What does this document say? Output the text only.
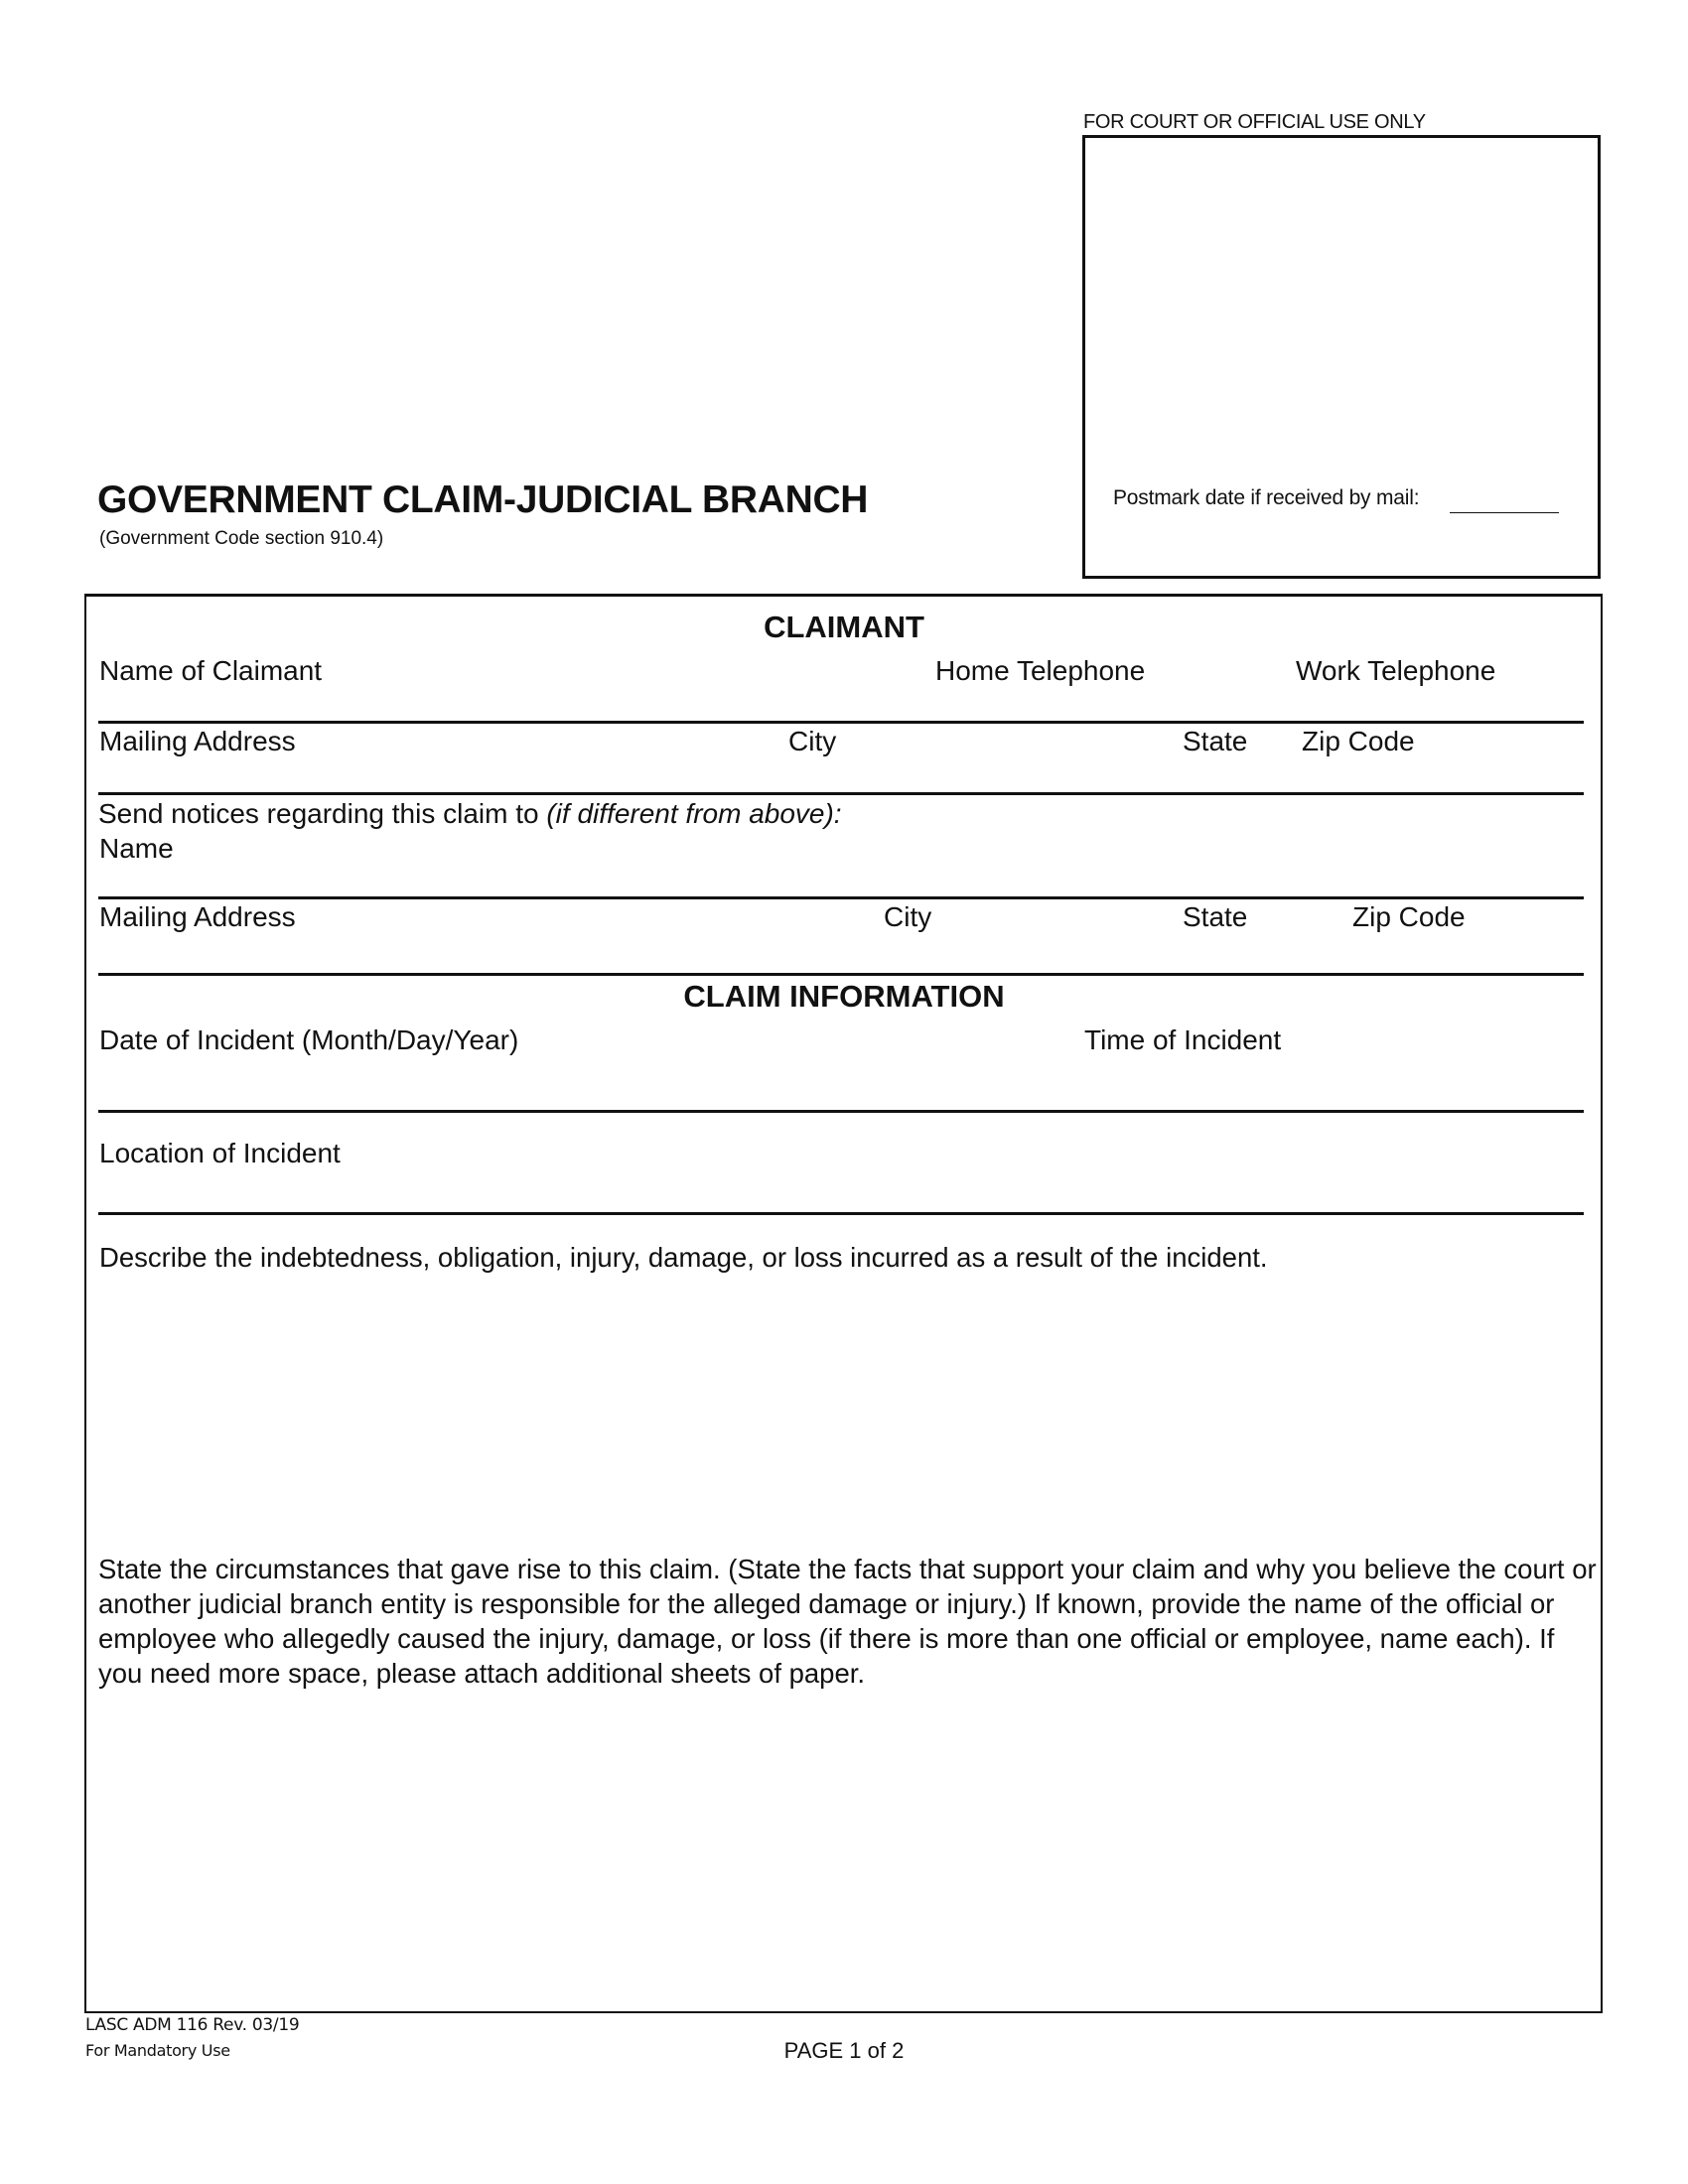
FOR COURT OR OFFICIAL USE ONLY
Postmark date if received by mail:
GOVERNMENT CLAIM-JUDICIAL BRANCH
(Government Code section 910.4)
CLAIMANT
Name of Claimant	Home Telephone	Work Telephone
Mailing Address	City	State Zip Code
Send notices regarding this claim to (if different from above):
Name
Mailing Address	City	State	Zip Code
CLAIM INFORMATION
Date of Incident (Month/Day/Year)	Time of Incident
Location of Incident
Describe the indebtedness, obligation, injury, damage, or loss incurred as a result of the incident.
State the circumstances that gave rise to this claim. (State the facts that support your claim and why you believe the court or another judicial branch entity is responsible for the alleged damage or injury.) If known, provide the name of the official or employee who allegedly caused the injury, damage, or loss (if there is more than one official or employee, name each). If you need more space, please attach additional sheets of paper.
LASC ADM 116 Rev. 03/19
For Mandatory Use	PAGE 1 of 2
